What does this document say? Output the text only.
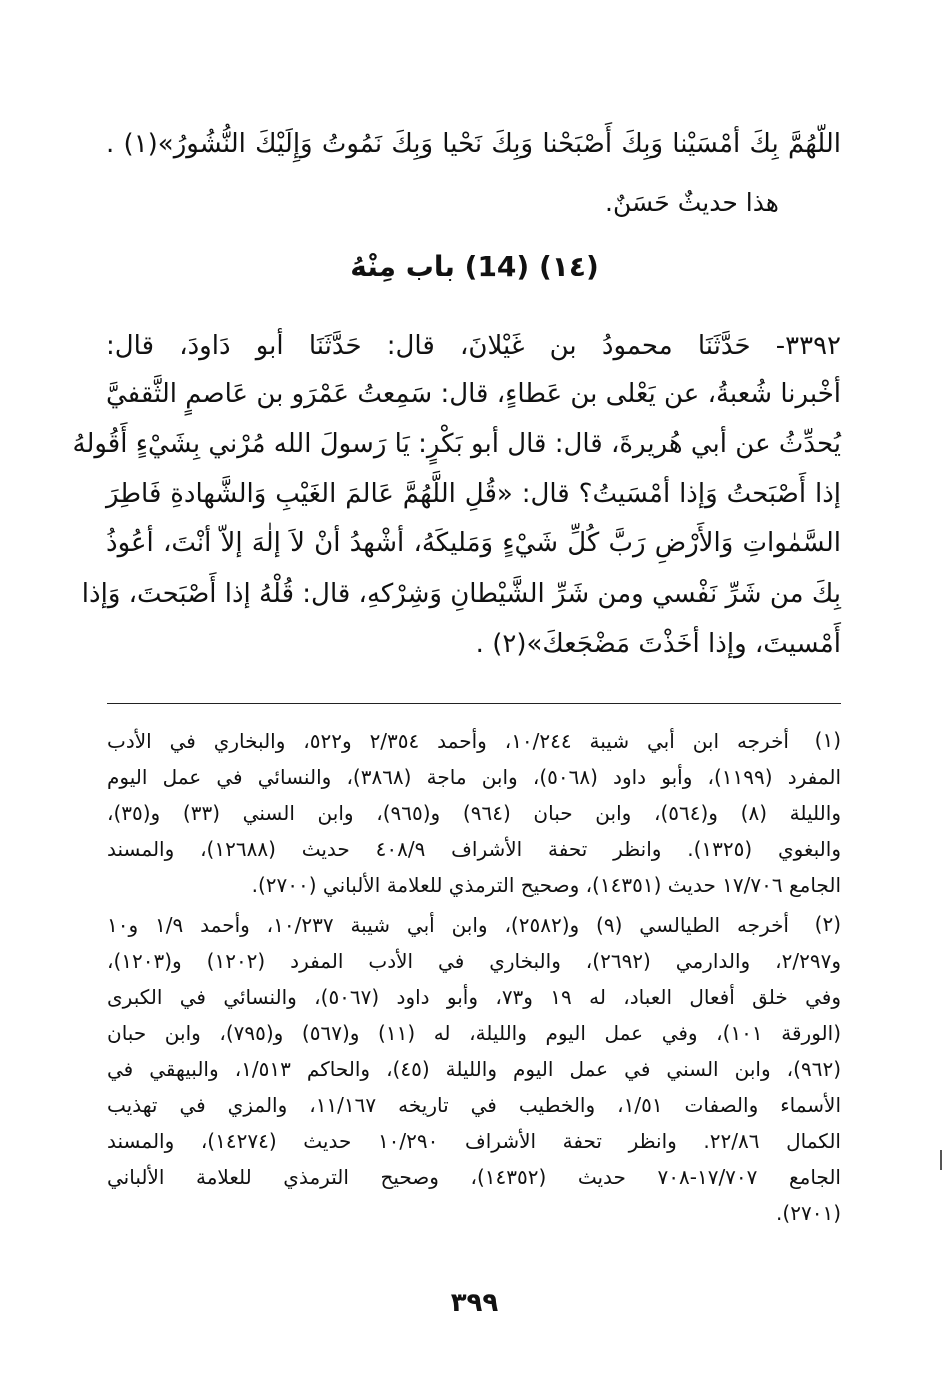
اللّهُمَّ بِكَ أمْسَيْنا وَبِكَ أَصْبَحْنا وَبِكَ نَحْيا وَبِكَ نَمُوتُ وَإِلَيْكَ النُّشُورُ»(١) .
هذا حديثٌ حَسَنٌ.
(١٤) (14) باب مِنْهُ
٣٣٩٢- حَدَّثَنَا محمودُ بن غَيْلانَ، قال: حَدَّثَنَا أبو دَاودَ، قال:
أخْبرنا شُعبةُ، عن يَعْلى بن عَطاءٍ، قال: سَمِعتُ عَمْرَو بن عَاصمٍ الثَّقفيَّ
يُحدِّثُ عن أبي هُريرةَ، قال: قال أبو بَكْرٍ: يَا رَسولَ الله مُرْني بِشَيْءٍ أَقُولهُ
إذا أَصْبَحتُ وَإذا أمْسَيتُ؟ قال: «قُلِ اللَّهُمَّ عَالمَ الغَيْبِ وَالشَّهادةِ فَاطِرَ
السَّمٰواتِ وَالأَرْضِ رَبَّ كُلِّ شَيْءٍ وَمَليكَهُ، أشْهدُ أنْ لاَ إلٰهَ إلاّ أنْتَ، أعُوذُ
بِكَ من شَرِّ نَفْسي ومن شَرِّ الشَّيْطانِ وَشِرْكهِ، قال: قُلْهُ إذا أَصْبَحتَ، وَإذا
أَمْسيتَ، وإذا أخَذْتَ مَضْجَعكَ»(٢) .
(١)
أخرجه ابن أبي شيبة ١٠/٢٤٤، وأحمد ٢/٣٥٤ و٥٢٢، والبخاري في الأدب
المفرد (١١٩٩)، وأبو داود (٥٠٦٨)، وابن ماجة (٣٨٦٨)، والنسائي في عمل اليوم
والليلة (٨) و(٥٦٤)، وابن حبان (٩٦٤) و(٩٦٥)، وابن السني (٣٣) و(٣٥)،
والبغوي (١٣٢٥). وانظر تحفة الأشراف ٤٠٨/٩ حديث (١٢٦٨٨)، والمسند
الجامع ١٧/٧٠٦ حديث (١٤٣٥١)، وصحيح الترمذي للعلامة الألباني (٢٧٠٠).
(٢)
أخرجه الطيالسي (٩) و(٢٥٨٢)، وابن أبي شيبة ١٠/٢٣٧، وأحمد ١/٩ و١٠
و٢/٢٩٧، والدارمي (٢٦٩٢)، والبخاري في الأدب المفرد (١٢٠٢) و(١٢٠٣)،
وفي خلق أفعال العباد، له ١٩ و٧٣، وأبو داود (٥٠٦٧)، والنسائي في الكبرى
(الورقة ١٠١)، وفي عمل اليوم والليلة، له (١١) و(٥٦٧) و(٧٩٥)، وابن حبان
(٩٦٢)، وابن السني في عمل اليوم والليلة (٤٥)، والحاكم ١/٥١٣، والبيهقي في
الأسماء والصفات ١/٥١، والخطيب في تاريخه ١١/١٦٧، والمزي في تهذيب
الكمال ٢٢/٨٦. وانظر تحفة الأشراف ١٠/٢٩٠ حديث (١٤٢٧٤)، والمسند
الجامع ١٧/٧٠٧-٧٠٨ حديث (١٤٣٥٢)، وصحيح الترمذي للعلامة الألباني
(٢٧٠١).
٣٩٩
